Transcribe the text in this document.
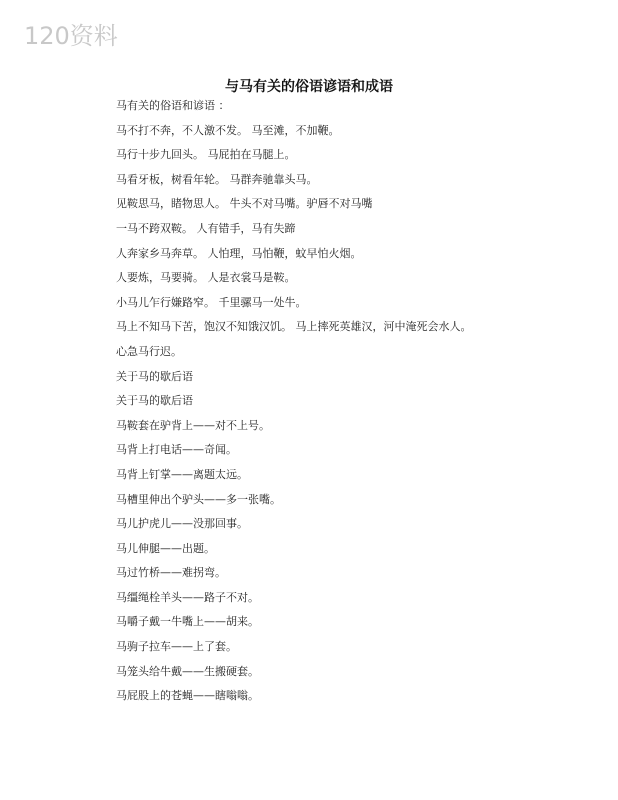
120资料
与马有关的俗语谚语和成语

马有关的俗语和谚语 ：

马不打不奔，不人激不发。 马至滩，不加鞭。

马行十步九回头。 马屁拍在马腿上。

马看牙板，树看年轮。 马群奔驰靠头马。

见鞍思马，睹物思人。 牛头不对马嘴。驴唇不对马嘴

一马不跨双鞍。 人有错手，马有失蹄

人奔家乡马奔草。 人怕理，马怕鞭，蚊早怕火烟。

人要炼，马要骑。 人是衣裳马是鞍。

小马儿乍行嫌路窄。 千里骡马一处牛。

马上不知马下苦，饱汉不知饿汉饥。 马上摔死英雄汉，河中淹死会水人。

心急马行迟。

关于马的歇后语

关于马的歇后语

马鞍套在驴背上——对不上号。

马背上打电话——奇闻。

马背上钉掌——离题太远。

马槽里伸出个驴头——多一张嘴。

马儿护虎儿——没那回事。

马儿伸腿——出题。

马过竹桥——难拐弯。

马缰绳栓羊头——路子不对。

马嚼子戴一牛嘴上——胡来。

马驹子拉车——上了套。

马笼头给牛戴——生搬硬套。

马屁股上的苍蝇——瞎嗡嗡。
